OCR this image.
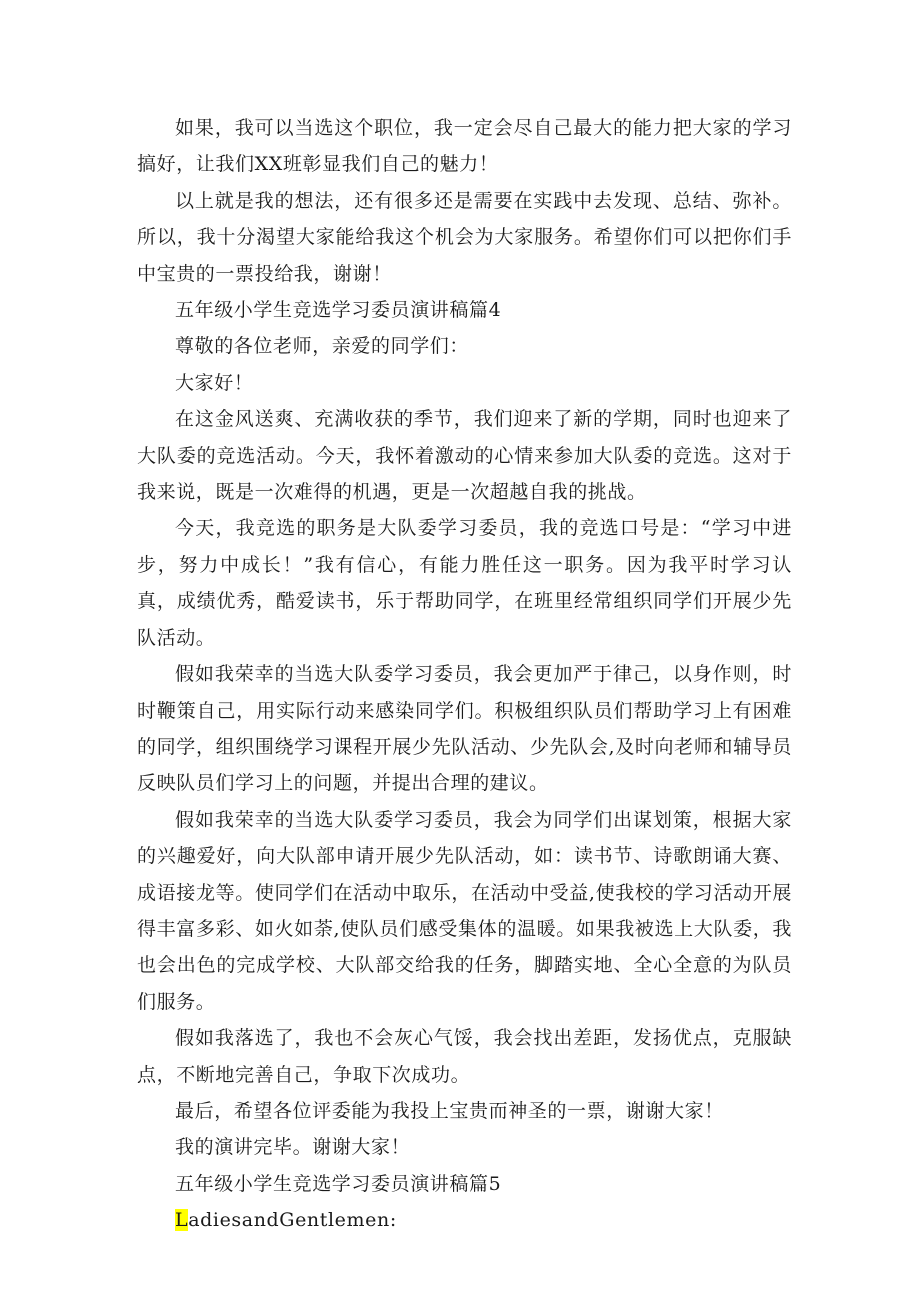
如果，我可以当选这个职位，我一定会尽自己最大的能力把大家的学习搞好，让我们XX班彰显我们自己的魅力！

以上就是我的想法，还有很多还是需要在实践中去发现、总结、弥补。所以，我十分渴望大家能给我这个机会为大家服务。希望你们可以把你们手中宝贵的一票投给我，谢谢！

五年级小学生竞选学习委员演讲稿篇4

尊敬的各位老师，亲爱的同学们：

大家好！

在这金风送爽、充满收获的季节，我们迎来了新的学期，同时也迎来了大队委的竞选活动。今天，我怀着激动的心情来参加大队委的竞选。这对于我来说，既是一次难得的机遇，更是一次超越自我的挑战。

今天，我竞选的职务是大队委学习委员，我的竞选口号是：“学习中进步，努力中成长！”我有信心，有能力胜任这一职务。因为我平时学习认真，成绩优秀，酷爱读书，乐于帮助同学，在班里经常组织同学们开展少先队活动。

假如我荣幸的当选大队委学习委员，我会更加严于律己，以身作则，时时鞭策自己，用实际行动来感染同学们。积极组织队员们帮助学习上有困难的同学，组织围绕学习课程开展少先队活动、少先队会,及时向老师和辅导员反映队员们学习上的问题，并提出合理的建议。

假如我荣幸的当选大队委学习委员，我会为同学们出谋划策，根据大家的兴趣爱好，向大队部申请开展少先队活动，如：读书节、诗歌朗诵大赛、成语接龙等。使同学们在活动中取乐，在活动中受益,使我校的学习活动开展得丰富多彩、如火如荼,使队员们感受集体的温暖。如果我被选上大队委，我也会出色的完成学校、大队部交给我的任务，脚踏实地、全心全意的为队员们服务。

假如我落选了，我也不会灰心气馁，我会找出差距，发扬优点，克服缺点，不断地完善自己，争取下次成功。

最后，希望各位评委能为我投上宝贵而神圣的一票，谢谢大家！

我的演讲完毕。谢谢大家！

五年级小学生竞选学习委员演讲稿篇5

LadiesandGentlemen:
